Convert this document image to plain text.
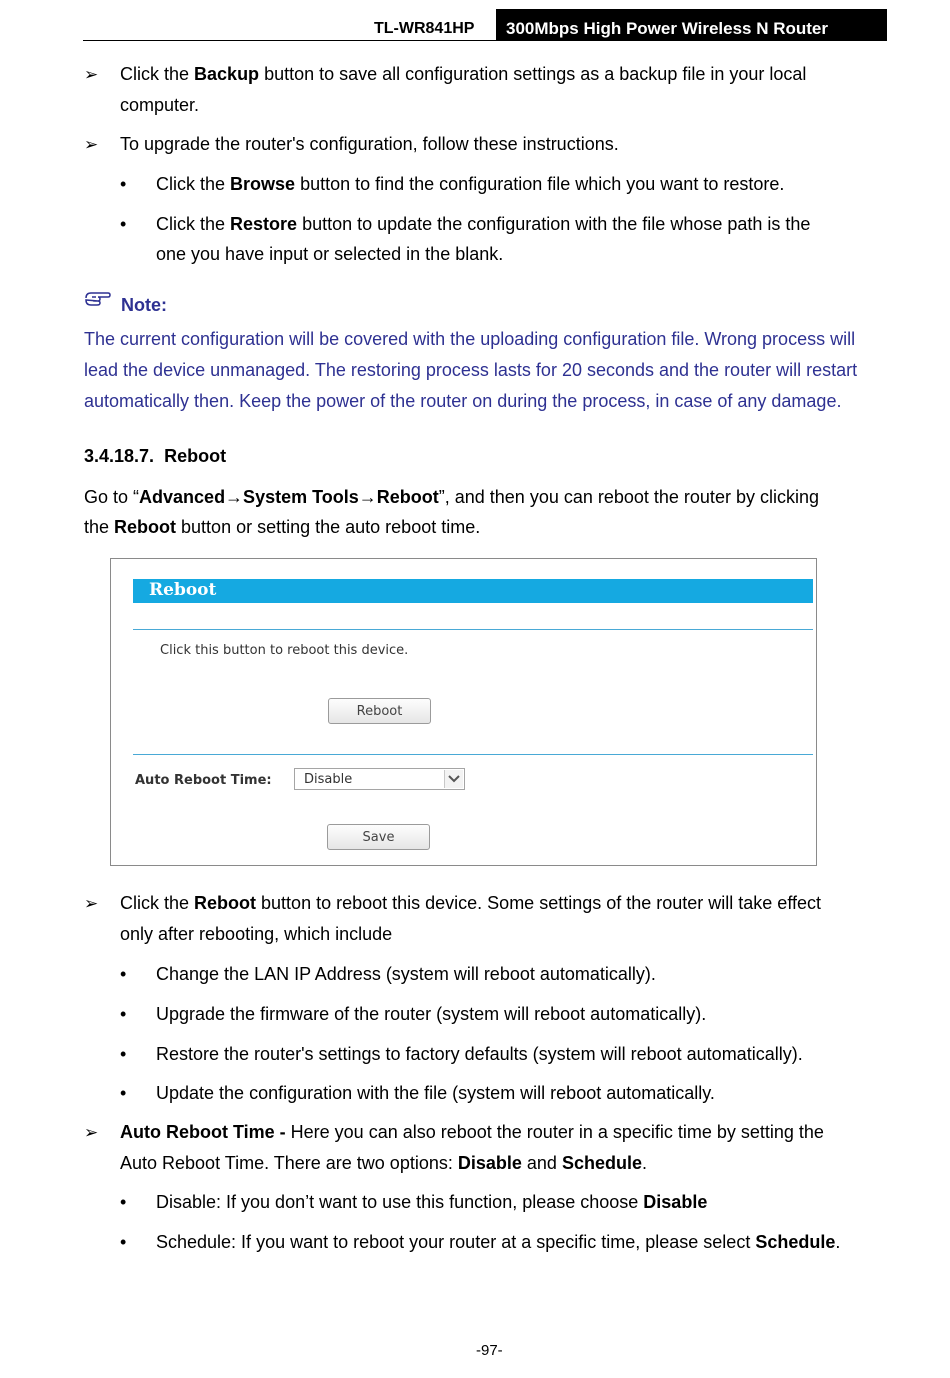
TL-WR841HP 300Mbps High Power Wireless N Router
➢ Click the Backup button to save all configuration settings as a backup file in your local
computer.
➢ To upgrade the router's configuration, follow these instructions.
• Click the Browse button to find the configuration file which you want to restore.
• Click the Restore button to update the configuration with the file whose path is the
one you have input or selected in the blank.
Note:
The current configuration will be covered with the uploading configuration file. Wrong process will
lead the device unmanaged. The restoring process lasts for 20 seconds and the router will restart
automatically then. Keep the power of the router on during the process, in case of any damage.
3.4.18.7. Reboot
Go to “Advanced→System Tools→Reboot”, and then you can reboot the router by clicking
the Reboot button or setting the auto reboot time.
Reboot
Click this button to reboot this device.
Reboot
Auto Reboot Time: Disable
Save
➢ Click the Reboot button to reboot this device. Some settings of the router will take effect
only after rebooting, which include
• Change the LAN IP Address (system will reboot automatically).
• Upgrade the firmware of the router (system will reboot automatically).
• Restore the router's settings to factory defaults (system will reboot automatically).
• Update the configuration with the file (system will reboot automatically.
➢ Auto Reboot Time - Here you can also reboot the router in a specific time by setting the
Auto Reboot Time. There are two options: Disable and Schedule.
• Disable: If you don’t want to use this function, please choose Disable
• Schedule: If you want to reboot your router at a specific time, please select Schedule.
-97-
